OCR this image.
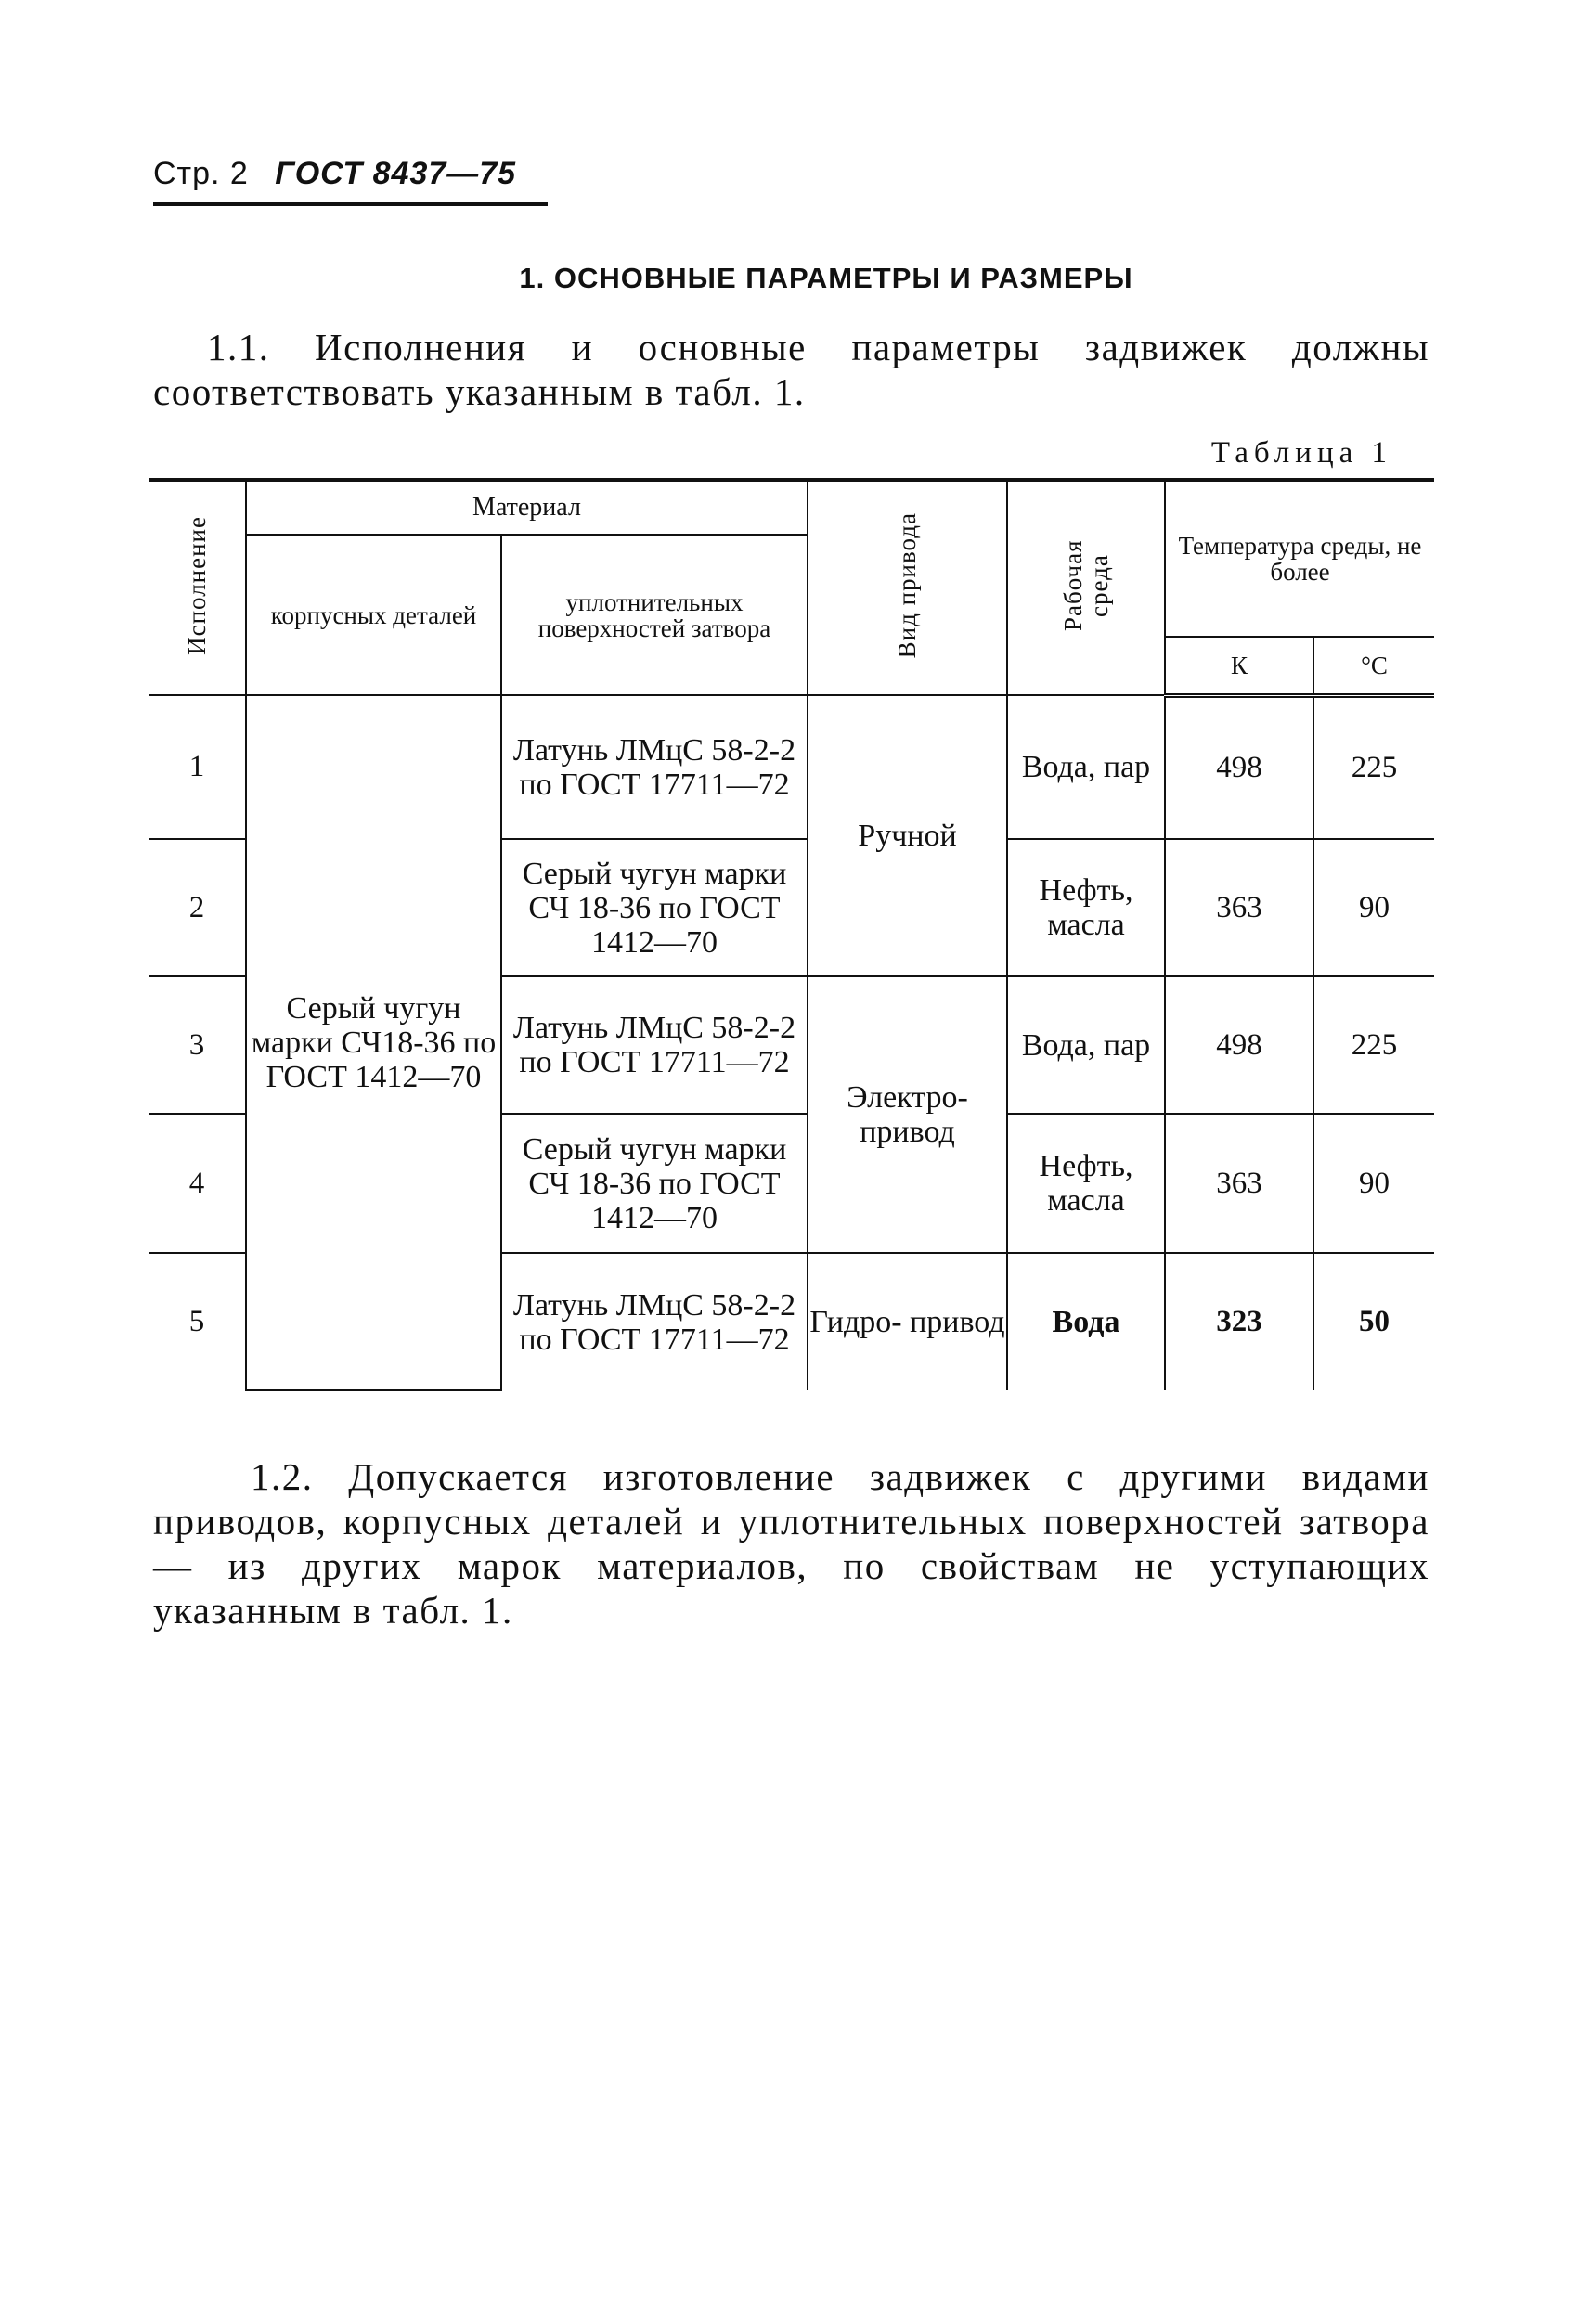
Стр. 2 ГОСТ 8437—75
1. ОСНОВНЫЕ ПАРАМЕТРЫ И РАЗМЕРЫ
1.1. Исполнения и основные параметры задвижек должны соответствовать указанным в табл. 1.
Таблица 1
Исполнение	Материал		Вид привода	Рабочая среда	Температура среды, не более	
	корпусных деталей	уплотнительных поверхностей затвора				
					К	°С
1	Серый чугун марки СЧ18-36 по ГОСТ 1412—70	Латунь ЛМцС 58-2-2 по ГОСТ 17711—72	Ручной	Вода, пар	498	225
2		Серый чугун марки СЧ 18-36 по ГОСТ 1412—70		Нефть, масла	363	90
3		Латунь ЛМцС 58-2-2 по ГОСТ 17711—72	Электро- привод	Вода, пар	498	225
4		Серый чугун марки СЧ 18-36 по ГОСТ 1412—70		Нефть, масла	363	90
5		Латунь ЛМцС 58-2-2 по ГОСТ 17711—72	Гидро- привод	Вода	323	50
1.2. Допускается изготовление задвижек с другими видами приводов, корпусных деталей и уплотнительных поверхностей затвора — из других марок материалов, по свойствам не уступающих указанным в табл. 1.
